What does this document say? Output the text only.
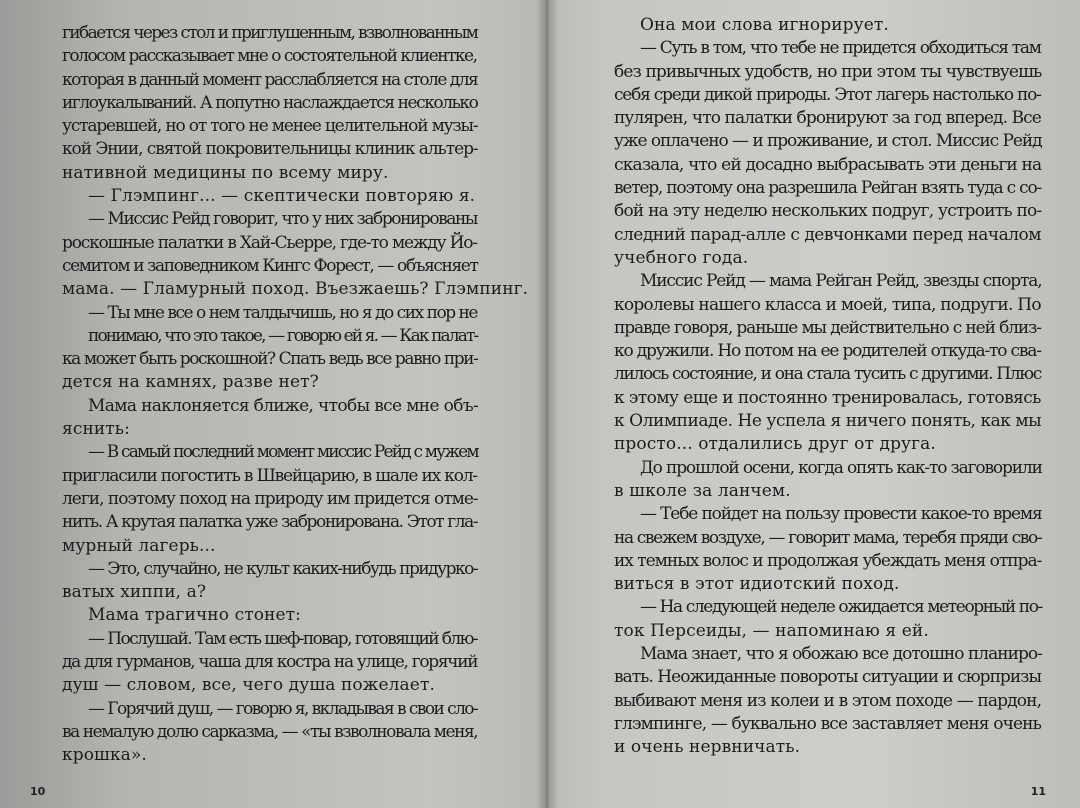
гибается через стол и приглушенным, взволнованным
голосом рассказывает мне о состоятельной клиентке,
которая в данный момент расслабляется на столе для
иглоукалываний. А попутно наслаждается несколько
устаревшей, но от того не менее целительной музы-
кой Энии, святой покровительницы клиник альтер-
нативной медицины по всему миру.
— Глэмпинг... — скептически повторяю я.
— Миссис Рейд говорит, что у них забронированы
роскошные палатки в Хай-Сьерре, где-то между Йо-
семитом и заповедником Кингс Форест, — объясняет
мама. — Гламурный поход. Въезжаешь? Глэмпинг.
— Ты мне все о нем талдычишь, но я до сих пор не
понимаю, что это такое, — говорю ей я. — Как палат-
ка может быть роскошной? Спать ведь все равно при-
дется на камнях, разве нет?
Мама наклоняется ближе, чтобы все мне объ-
яснить:
— В самый последний момент миссис Рейд с мужем
пригласили погостить в Швейцарию, в шале их кол-
леги, поэтому поход на природу им придется отме-
нить. А крутая палатка уже забронирована. Этот гла-
мурный лагерь...
— Это, случайно, не культ каких-нибудь придурко-
ватых хиппи, а?
Мама трагично стонет:
— Послушай. Там есть шеф-повар, готовящий блю-
да для гурманов, чаша для костра на улице, горячий
душ — словом, все, чего душа пожелает.
— Горячий душ, — говорю я, вкладывая в свои сло-
ва немалую долю сарказма, — «ты взволновала меня,
крошка».
10
Она мои слова игнорирует.
— Суть в том, что тебе не придется обходиться там
без привычных удобств, но при этом ты чувствуешь
себя среди дикой природы. Этот лагерь настолько по-
пулярен, что палатки бронируют за год вперед. Все
уже оплачено — и проживание, и стол. Миссис Рейд
сказала, что ей досадно выбрасывать эти деньги на
ветер, поэтому она разрешила Рейган взять туда с со-
бой на эту неделю нескольких подруг, устроить по-
следний парад-алле с девчонками перед началом
учебного года.
Миссис Рейд — мама Рейган Рейд, звезды спорта,
королевы нашего класса и моей, типа, подруги. По
правде говоря, раньше мы действительно с ней близ-
ко дружили. Но потом на ее родителей откуда-то сва-
лилось состояние, и она стала тусить с другими. Плюс
к этому еще и постоянно тренировалась, готовясь
к Олимпиаде. Не успела я ничего понять, как мы
просто... отдалились друг от друга.
До прошлой осени, когда опять как-то заговорили
в школе за ланчем.
— Тебе пойдет на пользу провести какое-то время
на свежем воздухе, — говорит мама, теребя пряди сво-
их темных волос и продолжая убеждать меня отпра-
виться в этот идиотский поход.
— На следующей неделе ожидается метеорный по-
ток Персеиды, — напоминаю я ей.
Мама знает, что я обожаю все дотошно планиро-
вать. Неожиданные повороты ситуации и сюрпризы
выбивают меня из колеи и в этом походе — пардон,
глэмпинге, — буквально все заставляет меня очень
и очень нервничать.
11
